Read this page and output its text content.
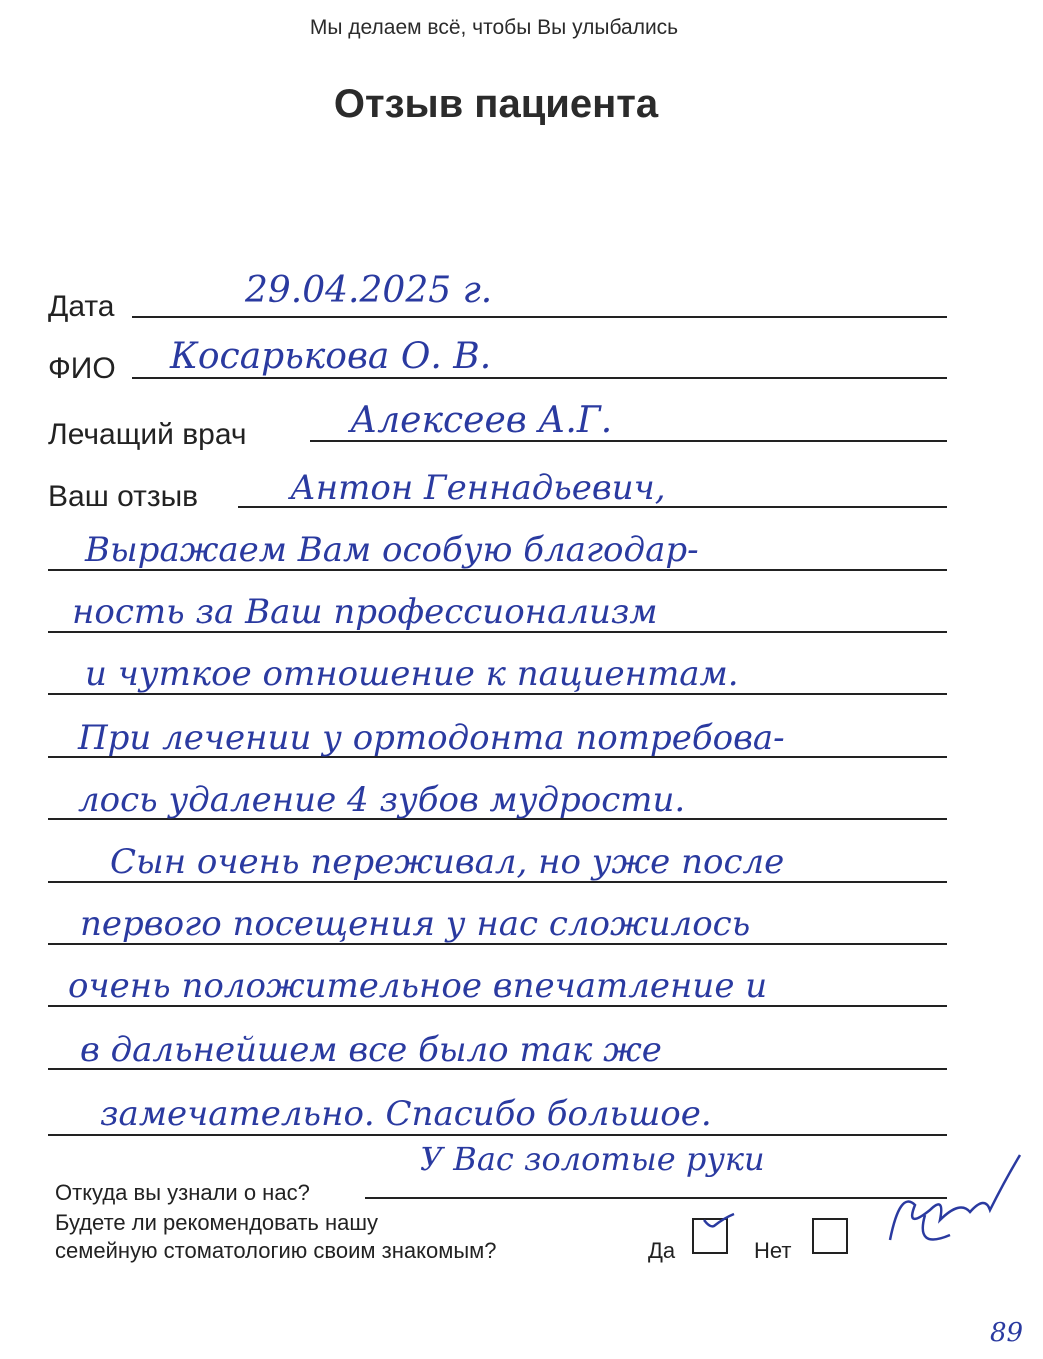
Мы делаем всё, чтобы Вы улыбались
Отзыв пациента
Дата	29.04.2025 г.
ФИО Косарькова О. В.
Лечащий врач	Алексеев А.Г.
Ваш отзыв	Антон Геннадьевич,
Выражаем Вам особую благодар-
ность за Ваш профессионализм
и чуткое отношение к пациентам.
При лечении у ортодонта потребова-
лось удаление 4 зубов мудрости.
Сын очень переживал, но уже после
первого посещения у нас сложилось
очень положительное впечатление и
в дальнейшем все было так же
замечательно. Спасибо большое.
У Вас золотые руки
Откуда вы узнали о нас?
Будете ли рекомендовать нашу
семейную стоматологию своим знакомым?	Да	Нет
89
